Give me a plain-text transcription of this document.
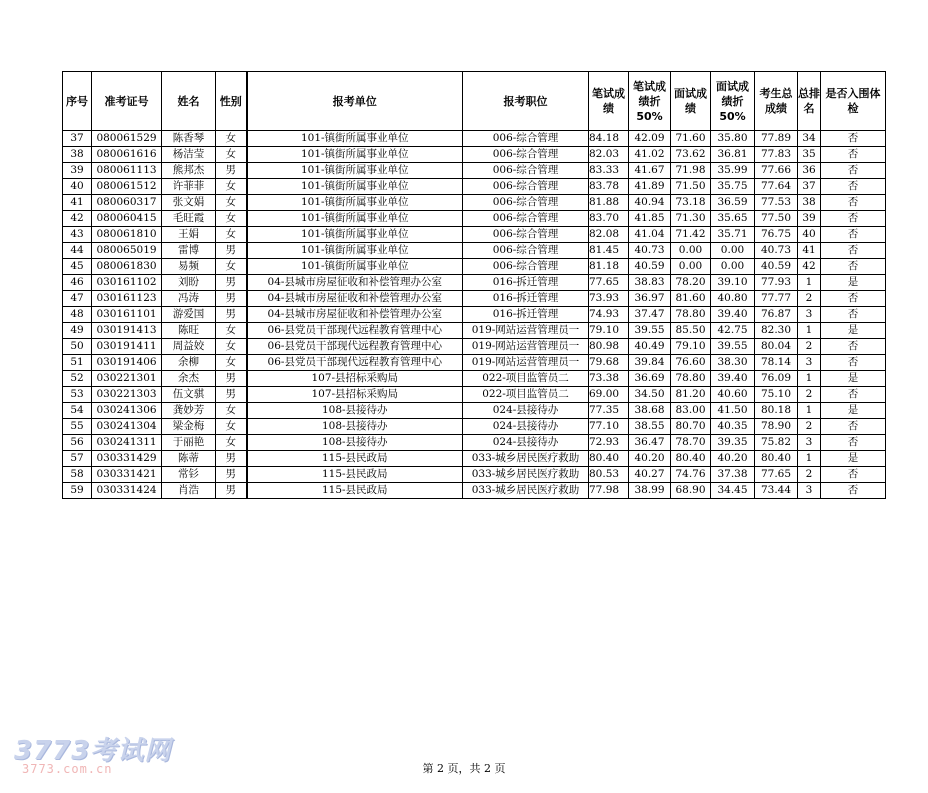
序号	准考证号	姓名	性别	报考单位	报考职位	笔试成绩	笔试成绩折50%	面试成绩	面试成绩折50%	考生总成绩	总排名	是否入围体检
37	080061529	陈香琴	女	101-镇街所属事业单位	006-综合管理	84.18	42.09	71.60	35.80	77.89	34	否
38	080061616	杨洁莹	女	101-镇街所属事业单位	006-综合管理	82.03	41.02	73.62	36.81	77.83	35	否
39	080061113	熊邦杰	男	101-镇街所属事业单位	006-综合管理	83.33	41.67	71.98	35.99	77.66	36	否
40	080061512	许菲菲	女	101-镇街所属事业单位	006-综合管理	83.78	41.89	71.50	35.75	77.64	37	否
41	080060317	张文娟	女	101-镇街所属事业单位	006-综合管理	81.88	40.94	73.18	36.59	77.53	38	否
42	080060415	毛旺霞	女	101-镇街所属事业单位	006-综合管理	83.70	41.85	71.30	35.65	77.50	39	否
43	080061810	王娟	女	101-镇街所属事业单位	006-综合管理	82.08	41.04	71.42	35.71	76.75	40	否
44	080065019	雷博	男	101-镇街所属事业单位	006-综合管理	81.45	40.73	0.00	0.00	40.73	41	否
45	080061830	易频	女	101-镇街所属事业单位	006-综合管理	81.18	40.59	0.00	0.00	40.59	42	否
46	030161102	刘盼	男	04-县城市房屋征收和补偿管理办公室	016-拆迁管理	77.65	38.83	78.20	39.10	77.93	1	是
47	030161123	冯涛	男	04-县城市房屋征收和补偿管理办公室	016-拆迁管理	73.93	36.97	81.60	40.80	77.77	2	否
48	030161101	游爱国	男	04-县城市房屋征收和补偿管理办公室	016-拆迁管理	74.93	37.47	78.80	39.40	76.87	3	否
49	030191413	陈旺	女	06-县党员干部现代远程教育管理中心	019-网站运营管理员一	79.10	39.55	85.50	42.75	82.30	1	是
50	030191411	周益姣	女	06-县党员干部现代远程教育管理中心	019-网站运营管理员一	80.98	40.49	79.10	39.55	80.04	2	否
51	030191406	余柳	女	06-县党员干部现代远程教育管理中心	019-网站运营管理员一	79.68	39.84	76.60	38.30	78.14	3	否
52	030221301	余杰	男	107-县招标采购局	022-项目监管员二	73.38	36.69	78.80	39.40	76.09	1	是
53	030221303	伍文骐	男	107-县招标采购局	022-项目监管员二	69.00	34.50	81.20	40.60	75.10	2	否
54	030241306	龚妙芳	女	108-县接待办	024-县接待办	77.35	38.68	83.00	41.50	80.18	1	是
55	030241304	梁金梅	女	108-县接待办	024-县接待办	77.10	38.55	80.70	40.35	78.90	2	否
56	030241311	于丽艳	女	108-县接待办	024-县接待办	72.93	36.47	78.70	39.35	75.82	3	否
57	030331429	陈蒂	男	115-县民政局	033-城乡居民医疗救助	80.40	40.20	80.40	40.20	80.40	1	是
58	030331421	常钐	男	115-县民政局	033-城乡居民医疗救助	80.53	40.27	74.76	37.38	77.65	2	否
59	030331424	肖浩	男	115-县民政局	033-城乡居民医疗救助	77.98	38.99	68.90	34.45	73.44	3	否
3773考试网
3773.com.cn	第 2 页，共 2 页
